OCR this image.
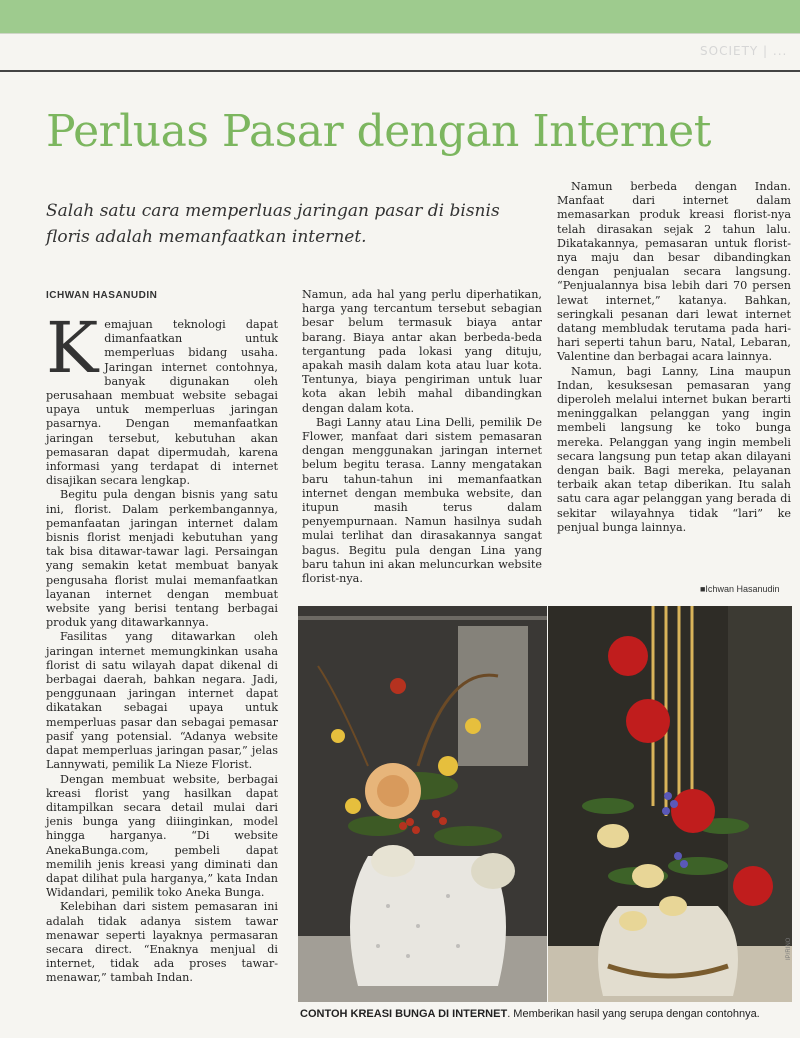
SOCIETY | ...
Perluas Pasar dengan Internet
Salah satu cara memperluas jaringan pasar di bisnis floris adalah memanfaatkan internet.
ICHWAN HASANUDIN

Kemajuan teknologi dapat dimanfaatkan untuk memperluas bidang usaha. Jaringan internet contohnya, banyak digunakan oleh perusahaan membuat website sebagai upaya untuk memperluas jaringan pasarnya. Dengan memanfaatkan jaringan tersebut, kebutuhan akan pemasaran dapat dipermudah, karena informasi yang terdapat di internet disajikan secara lengkap.

Begitu pula dengan bisnis yang satu ini, florist. Dalam perkembangannya, pemanfaatan jaringan internet dalam bisnis florist menjadi kebutuhan yang tak bisa ditawar-tawar lagi. Persaingan yang semakin ketat membuat banyak pengusaha florist mulai memanfaatkan layanan internet dengan membuat website yang berisi tentang berbagai produk yang ditawarkannya.

Fasilitas yang ditawarkan oleh jaringan internet memungkinkan usaha florist di satu wilayah dapat dikenal di berbagai daerah, bahkan negara. Jadi, penggunaan jaringan internet dapat dikatakan sebagai upaya untuk memperluas pasar dan sebagai pemasar pasif yang potensial. “Adanya website dapat memperluas jaringan pasar,” jelas Lannywati, pemilik La Nieze Florist.

Dengan membuat website, berbagai kreasi florist yang hasilkan dapat ditampilkan secara detail mulai dari jenis bunga yang diiinginkan, model hingga harganya. “Di website AnekaBunga.com, pembeli dapat memilih jenis kreasi yang diminati dan dapat dilihat pula harganya,” kata Indan Widandari, pemilik toko Aneka Bunga.

Kelebihan dari sistem pemasaran ini adalah tidak adanya sistem tawar menawar seperti layaknya permasaran secara direct. “Enaknya menjual di internet, tidak ada proses tawar-menawar,” tambah Indan.

Namun, ada hal yang perlu diperhatikan, harga yang tercantum tersebut sebagian besar belum termasuk biaya antar barang. Biaya antar akan berbeda-beda tergantung pada lokasi yang dituju, apakah masih dalam kota atau luar kota. Tentunya, biaya pengiriman untuk luar kota akan lebih mahal dibandingkan dengan dalam kota.

Bagi Lanny atau Lina Delli, pemilik De Flower, manfaat dari sistem pemasaran dengan menggunakan jaringan internet belum begitu terasa. Lanny mengatakan baru tahun-tahun ini memanfaatkan internet dengan membuka website, dan itupun masih terus dalam penyempurnaan. Namun hasilnya sudah mulai terlihat dan dirasakannya sangat bagus. Begitu pula dengan Lina yang baru tahun ini akan meluncurkan website florist-nya.

Namun berbeda dengan Indan. Manfaat dari internet dalam memasarkan produk kreasi florist-nya telah dirasakan sejak 2 tahun lalu. Dikatakannya, pemasaran untuk florist-nya maju dan besar dibandingkan dengan penjualan secara langsung. “Penjualannya bisa lebih dari 70 persen lewat internet,” katanya. Bahkan, seringkali pesanan dari lewat internet datang membludak terutama pada hari-hari seperti tahun baru, Natal, Lebaran, Valentine dan berbagai acara lainnya.

Namun, bagi Lanny, Lina maupun Indan, kesuksesan pemasaran yang diperoleh melalui internet bukan berarti meninggalkan pelanggan yang ingin membeli langsung ke toko bunga mereka. Pelanggan yang ingin membeli secara langsung pun tetap akan dilayani dengan baik. Bagi mereka, pelayanan terbaik akan tetap diberikan. Itu salah satu cara agar pelanggan yang berada di sekitar wilayahnya tidak “lari” ke penjual bunga lainnya.

■Ichwan Hasanudin
CONTOH KREASI BUNGA DI INTERNET. Memberikan hasil yang serupa dengan contohnya.
IP/RINO
